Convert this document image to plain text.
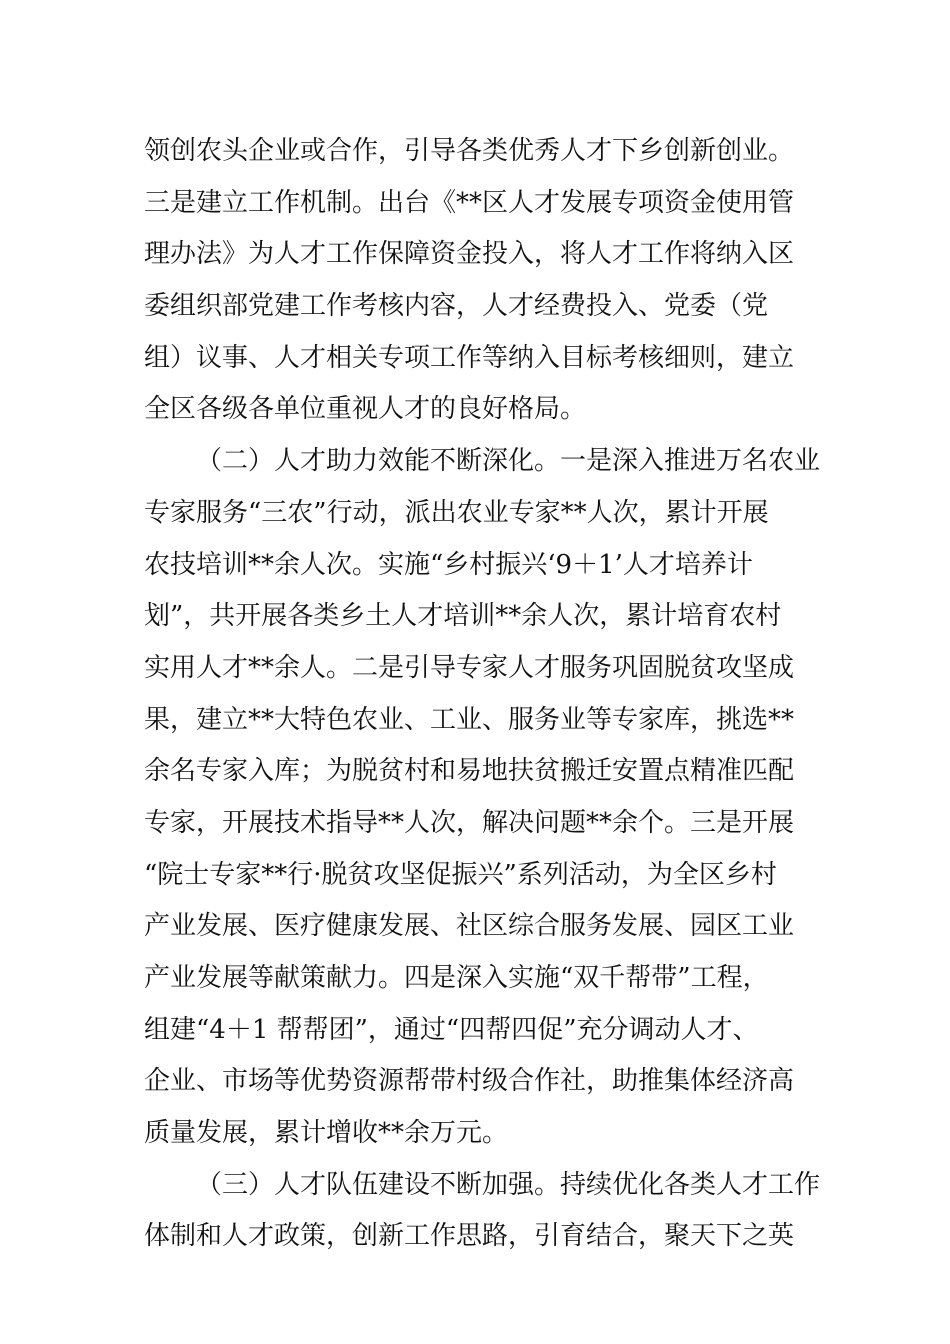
领创农头企业或合作，引导各类优秀人才下乡创新创业。
三是建立工作机制。出台《**区人才发展专项资金使用管
理办法》为人才工作保障资金投入，将人才工作将纳入区
委组织部党建工作考核内容，人才经费投入、党委（党
组）议事、人才相关专项工作等纳入目标考核细则，建立
全区各级各单位重视人才的良好格局。
（二）人才助力效能不断深化。一是深入推进万名农业
专家服务“三农”行动，派出农业专家**人次，累计开展
农技培训**余人次。实施“乡村振兴‘9＋1’人才培养计
划”，共开展各类乡土人才培训**余人次，累计培育农村
实用人才**余人。二是引导专家人才服务巩固脱贫攻坚成
果，建立**大特色农业、工业、服务业等专家库，挑选**
余名专家入库；为脱贫村和易地扶贫搬迁安置点精准匹配
专家，开展技术指导**人次，解决问题**余个。三是开展
“院士专家**行·脱贫攻坚促振兴”系列活动，为全区乡村
产业发展、医疗健康发展、社区综合服务发展、园区工业
产业发展等献策献力。四是深入实施“双千帮带”工程，
组建“4＋1 帮帮团”，通过“四帮四促”充分调动人才、
企业、市场等优势资源帮带村级合作社，助推集体经济高
质量发展，累计增收**余万元。
（三）人才队伍建设不断加强。持续优化各类人才工作
体制和人才政策，创新工作思路，引育结合，聚天下之英
